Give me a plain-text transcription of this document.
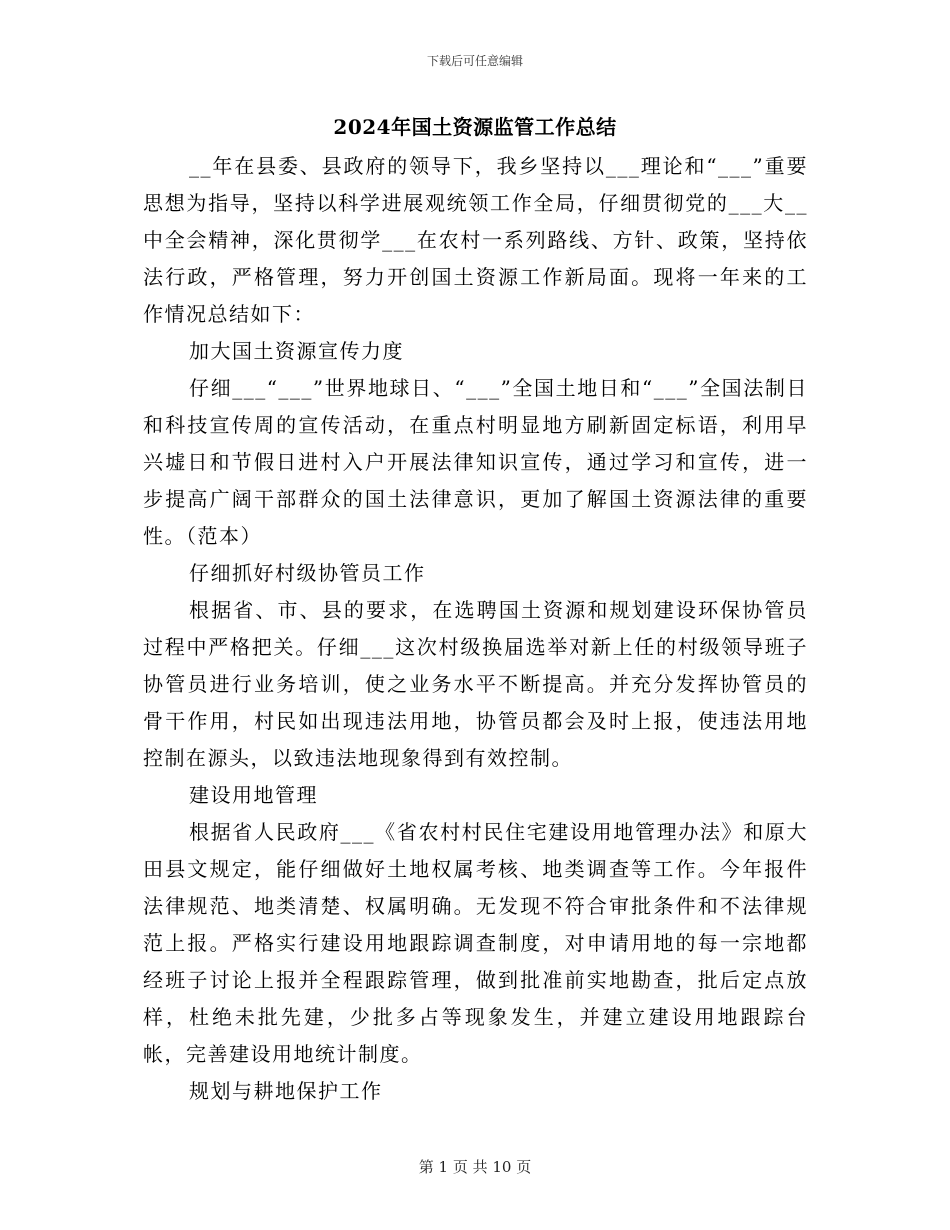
下载后可任意编辑
2024年国土资源监管工作总结

__年在县委、县政府的领导下，我乡坚持以___理论和“___”重要思想为指导，坚持以科学进展观统领工作全局，仔细贯彻党的___大__中全会精神，深化贯彻学___在农村一系列路线、方针、政策，坚持依法行政，严格管理，努力开创国土资源工作新局面。现将一年来的工作情况总结如下：

加大国土资源宣传力度

仔细___“___”世界地球日、“___”全国土地日和“___”全国法制日和科技宣传周的宣传活动，在重点村明显地方刷新固定标语，利用早兴墟日和节假日进村入户开展法律知识宣传，通过学习和宣传，进一步提高广阔干部群众的国土法律意识，更加了解国土资源法律的重要性。（范本）

仔细抓好村级协管员工作

根据省、市、县的要求，在选聘国土资源和规划建设环保协管员过程中严格把关。仔细___这次村级换届选举对新上任的村级领导班子协管员进行业务培训，使之业务水平不断提高。并充分发挥协管员的骨干作用，村民如出现违法用地，协管员都会及时上报，使违法用地控制在源头，以致违法地现象得到有效控制。

建设用地管理

根据省人民政府___《省农村村民住宅建设用地管理办法》和原大田县文规定，能仔细做好土地权属考核、地类调查等工作。今年报件法律规范、地类清楚、权属明确。无发现不符合审批条件和不法律规范上报。严格实行建设用地跟踪调查制度，对申请用地的每一宗地都经班子讨论上报并全程跟踪管理，做到批准前实地勘查，批后定点放样，杜绝未批先建，少批多占等现象发生，并建立建设用地跟踪台帐，完善建设用地统计制度。

规划与耕地保护工作

第 1 页 共 10 页
